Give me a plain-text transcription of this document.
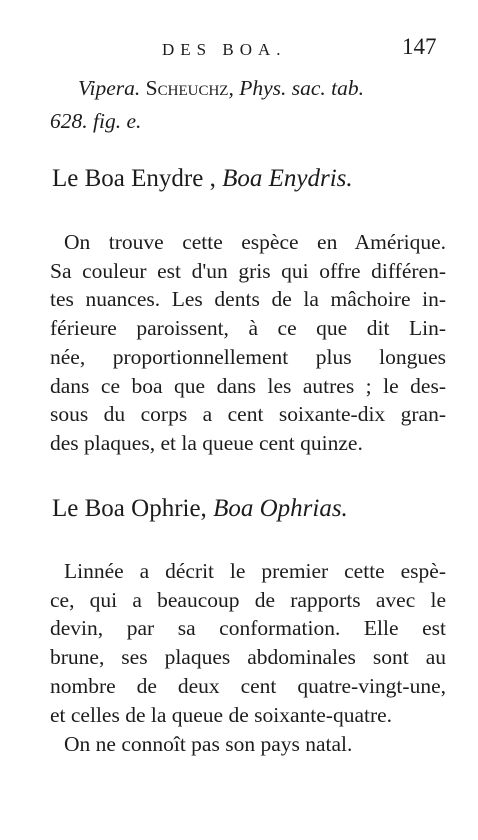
DES BOA.	147
Vipera. Scheuchz, Phys. sac. tab.
628. fig. e.
Le Boa Enydre , Boa Enydris.
On trouve cette espèce en Amérique.
Sa couleur est d'un gris qui offre différen-
tes nuances. Les dents de la mâchoire in-
férieure paroissent, à ce que dit Lin-
née, proportionnellement plus longues
dans ce boa que dans les autres ; le des-
sous du corps a cent soixante-dix gran-
des plaques, et la queue cent quinze.
Le Boa Ophrie, Boa Ophrias.
Linnée a décrit le premier cette espè-
ce, qui a beaucoup de rapports avec le
devin, par sa conformation. Elle est
brune, ses plaques abdominales sont au
nombre de deux cent quatre-vingt-une,
et celles de la queue de soixante-quatre.
On ne connoît pas son pays natal.
